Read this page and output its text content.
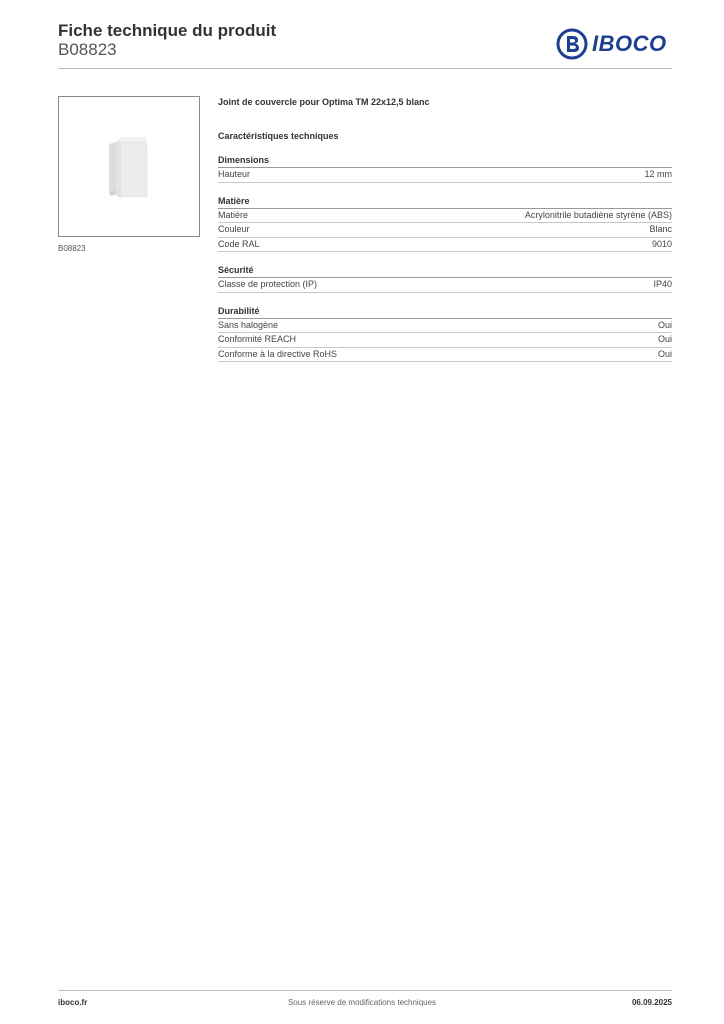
Fiche technique du produit
B08823	IBOCO
B08823
Joint de couvercle pour Optima TM 22x12,5 blanc
Caractéristiques techniques
Dimensions
Hauteur	12 mm
Matière
Matière	Acrylonitrile butadiène styrène (ABS)
Couleur	Blanc
Code RAL	9010
Sécurité
Classe de protection (IP)	IP40
Durabilité
Sans halogène	Oui
Conformité REACH	Oui
Conforme à la directive RoHS	Oui
iboco.fr	Sous réserve de modifications techniques	06.09.2025
